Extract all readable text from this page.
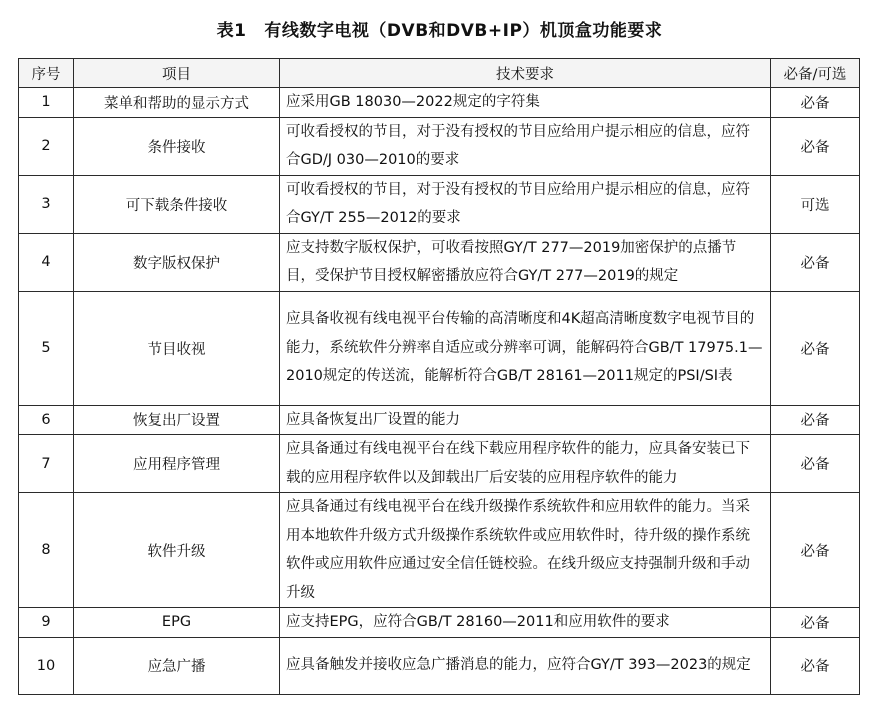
表1 有线数字电视（DVB和DVB+IP）机顶盒功能要求
序号	项目	技术要求	必备/可选
1	菜单和帮助的显示方式	应采用GB 18030—2022规定的字符集	必备
2	条件接收	可收看授权的节目，对于没有授权的节目应给用户提示相应的信息，应符合GD/J 030—2010的要求	必备
3	可下载条件接收	可收看授权的节目，对于没有授权的节目应给用户提示相应的信息，应符合GY/T 255—2012的要求	可选
4	数字版权保护	应支持数字版权保护，可收看按照GY/T 277—2019加密保护的点播节目，受保护节目授权解密播放应符合GY/T 277—2019的规定	必备
5	节目收视	应具备收视有线电视平台传输的高清晰度和4K超高清晰度数字电视节目的能力，系统软件分辨率自适应或分辨率可调，能解码符合GB/T 17975.1—2010规定的传送流，能解析符合GB/T 28161—2011规定的PSI/SI表	必备
6	恢复出厂设置	应具备恢复出厂设置的能力	必备
7	应用程序管理	应具备通过有线电视平台在线下载应用程序软件的能力，应具备安装已下载的应用程序软件以及卸载出厂后安装的应用程序软件的能力	必备
8	软件升级	应具备通过有线电视平台在线升级操作系统软件和应用软件的能力。当采用本地软件升级方式升级操作系统软件或应用软件时，待升级的操作系统软件或应用软件应通过安全信任链校验。在线升级应支持强制升级和手动升级	必备
9	EPG	应支持EPG，应符合GB/T 28160—2011和应用软件的要求	必备
10	应急广播	应具备触发并接收应急广播消息的能力，应符合GY/T 393—2023的规定	必备
